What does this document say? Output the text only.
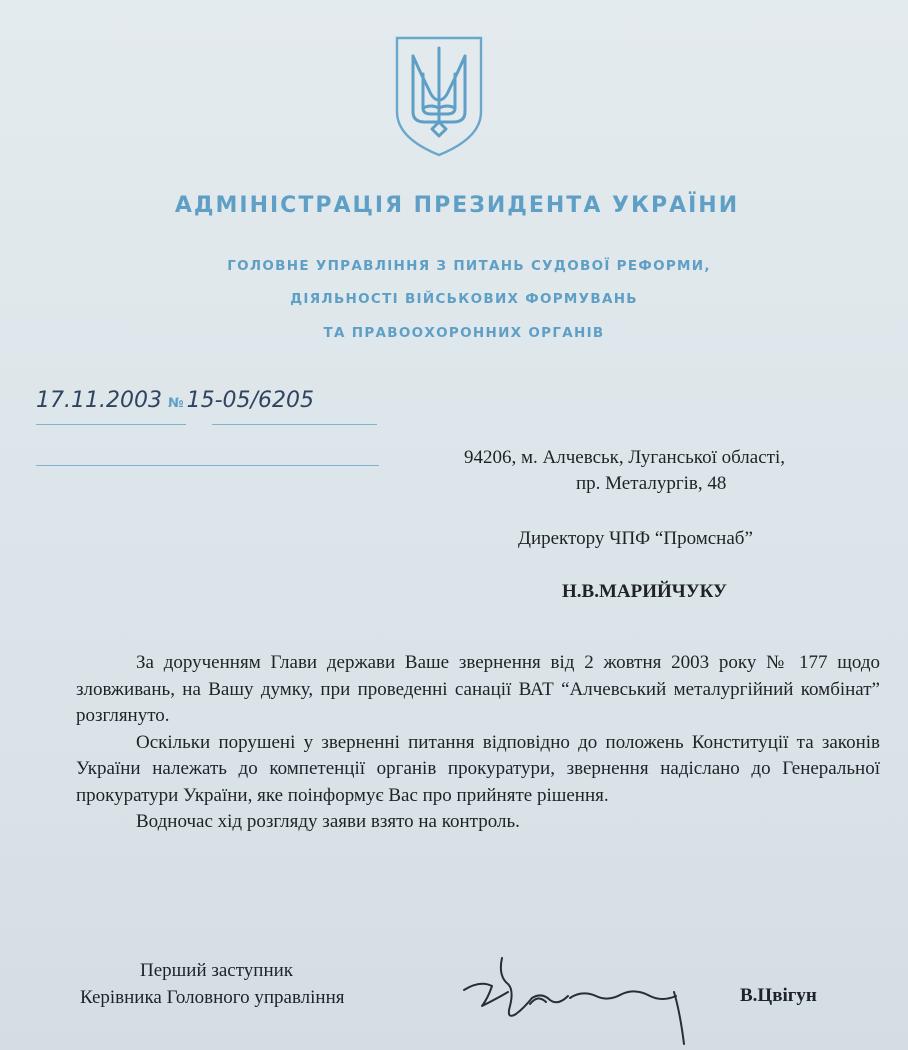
АДМІНІСТРАЦІЯ ПРЕЗИДЕНТА УКРАЇНИ
ГОЛОВНЕ УПРАВЛІННЯ З ПИТАНЬ СУДОВОЇ РЕФОРМИ,
ДІЯЛЬНОСТІ ВІЙСЬКОВИХ ФОРМУВАНЬ
ТА ПРАВООХОРОННИХ ОРГАНІВ
17.11.2003 № 15-05/6205
94206, м. Алчевськ, Луганської області,
пр. Металургів, 48
Директору ЧПФ “Промснаб”
Н.В.МАРИЙЧУКУ

За дорученням Глави держави Ваше звернення від 2 жовтня 2003 року № 177 щодо зловживань, на Вашу думку, при проведенні санації ВАТ “Алчевський металургійний комбінат” розглянуто.

Оскільки порушені у зверненні питання відповідно до положень Конституції та законів України належать до компетенції органів прокуратури, звернення надіслано до Генеральної прокуратури України, яке поінформує Вас про прийняте рішення.

Водночас хід розгляду заяви взято на контроль.

Перший заступник
Керівника Головного управління	В.Цвігун
